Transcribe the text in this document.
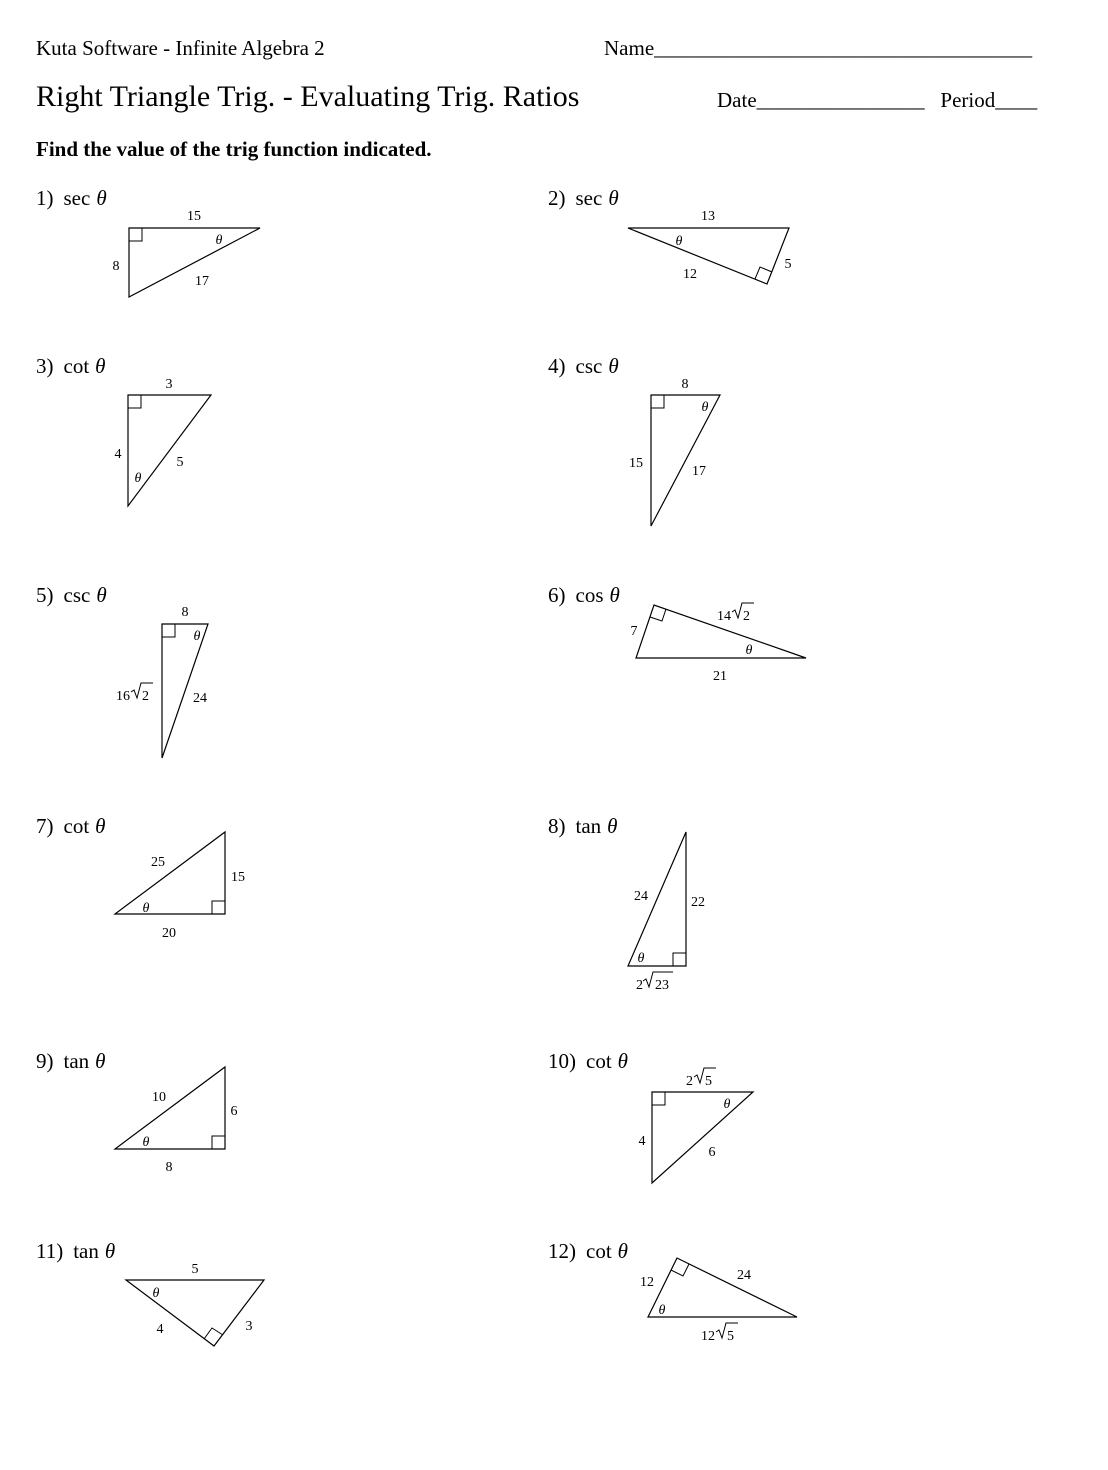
Kuta Software - Infinite Algebra 2	Name____________________________________
Right Triangle Trig. - Evaluating Trig. Ratios	Date________________ Period____
Find the value of the trig function indicated.
1) sec θ	2) sec θ
3) cot θ	4) csc θ
5) csc θ	6) cos θ
7) cot θ	8) tan θ
9) tan θ	10) cot θ
11) tan θ	12) cot θ
15
8
17
θ
13
12
5
θ
3
4
5
θ
8
15
17
θ
8
16 2	24
θ	7
14 2
21
θ
25
15
20
θ
24	22
2 23
θ
10
6
8
θ
2 5
4
6
θ
5
4	3
θ
12	24
12 5
θ
